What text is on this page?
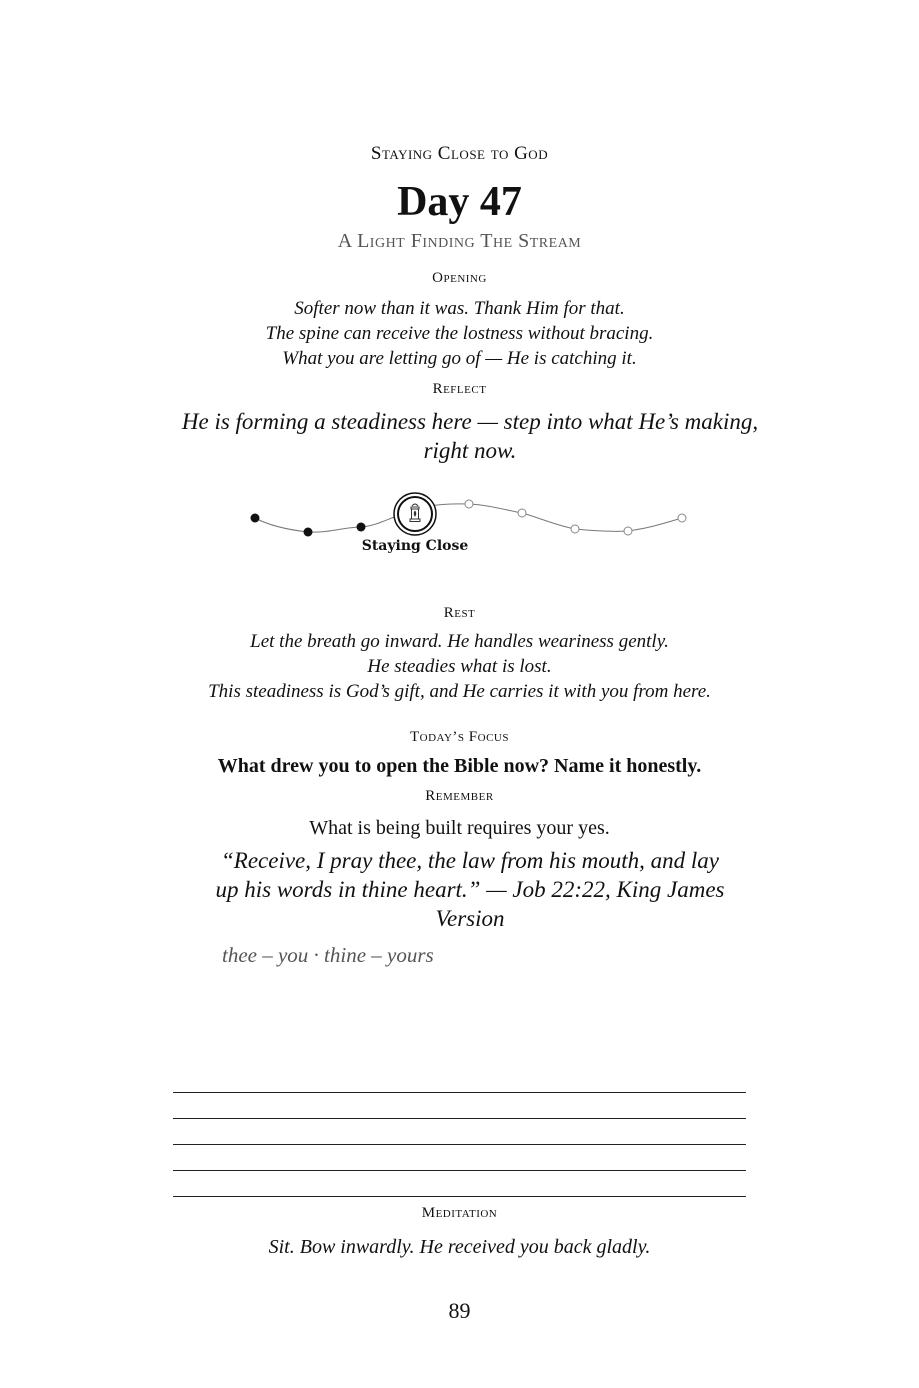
Staying Close to God
Day 47
A Light Finding The Stream
Opening
Softer now than it was. Thank Him for that.
The spine can receive the lostness without bracing.
What you are letting go of — He is catching it.
Reflect
He is forming a steadiness here — step into what He’s making, right now.
Staying Close
Rest
Let the breath go inward. He handles weariness gently.
He steadies what is lost.
This steadiness is God’s gift, and He carries it with you from here.
Today’s Focus
What drew you to open the Bible now? Name it honestly.
Remember
What is being built requires your yes.
“Receive, I pray thee, the law from his mouth, and lay up his words in thine heart.” — Job 22:22, King James Version
thee – you · thine – yours
Meditation
Sit. Bow inwardly. He received you back gladly.
89
